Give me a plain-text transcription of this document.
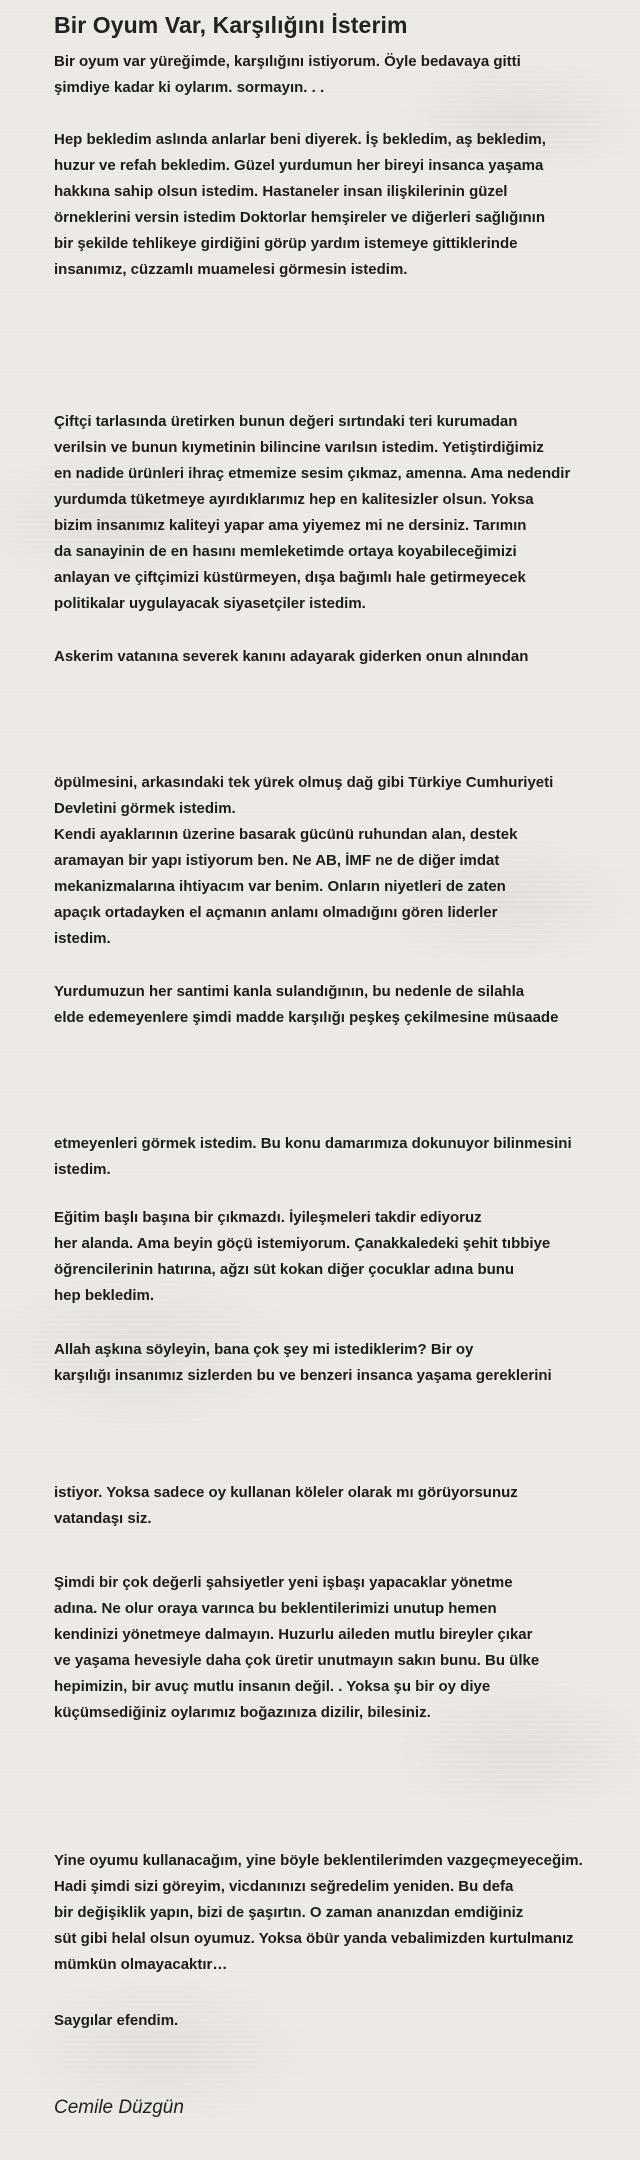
Bir Oyum Var, Karşılığını İsterim

Bir oyum var yüreğimde, karşılığını istiyorum. Öyle bedavaya gitti
şimdiye kadar ki oylarım. sormayın. . .

Hep bekledim aslında anlarlar beni diyerek. İş bekledim, aş bekledim,
huzur ve refah bekledim. Güzel yurdumun her bireyi insanca yaşama
hakkına sahip olsun istedim. Hastaneler insan ilişkilerinin güzel
örneklerini versin istedim Doktorlar hemşireler ve diğerleri sağlığının
bir şekilde tehlikeye girdiğini görüp yardım istemeye gittiklerinde
insanımız, cüzzamlı muamelesi görmesin istedim.

Çiftçi tarlasında üretirken bunun değeri sırtındaki teri kurumadan
verilsin ve bunun kıymetinin bilincine varılsın istedim. Yetiştirdiğimiz
en nadide ürünleri ihraç etmemize sesim çıkmaz, amenna. Ama nedendir
yurdumda tüketmeye ayırdıklarımız hep en kalitesizler olsun. Yoksa
bizim insanımız kaliteyi yapar ama yiyemez mi ne dersiniz. Tarımın
da sanayinin de en hasını memleketimde ortaya koyabileceğimizi
anlayan ve çiftçimizi küstürmeyen, dışa bağımlı hale getirmeyecek
politikalar uygulayacak siyasetçiler istedim.

Askerim vatanına severek kanını adayarak giderken onun alnından

öpülmesini, arkasındaki tek yürek olmuş dağ gibi Türkiye Cumhuriyeti
Devletini görmek istedim.
Kendi ayaklarının üzerine basarak gücünü ruhundan alan, destek
aramayan bir yapı istiyorum ben. Ne AB, İMF ne de diğer imdat
mekanizmalarına ihtiyacım var benim. Onların niyetleri de zaten
apaçık ortadayken el açmanın anlamı olmadığını gören liderler
istedim.

Yurdumuzun her santimi kanla sulandığının, bu nedenle de silahla
elde edemeyenlere şimdi madde karşılığı peşkeş çekilmesine müsaade

etmeyenleri görmek istedim. Bu konu damarımıza dokunuyor bilinmesini
istedim.

Eğitim başlı başına bir çıkmazdı. İyileşmeleri takdir ediyoruz
her alanda. Ama beyin göçü istemiyorum. Çanakkaledeki şehit tıbbiye
öğrencilerinin hatırına, ağzı süt kokan diğer çocuklar adına bunu
hep bekledim.

Allah aşkına söyleyin, bana çok şey mi istediklerim? Bir oy
karşılığı insanımız sizlerden bu ve benzeri insanca yaşama gereklerini

istiyor. Yoksa sadece oy kullanan köleler olarak mı görüyorsunuz
vatandaşı siz.

Şimdi bir çok değerli şahsiyetler yeni işbaşı yapacaklar yönetme
adına. Ne olur oraya varınca bu beklentilerimizi unutup hemen
kendinizi yönetmeye dalmayın. Huzurlu aileden mutlu bireyler çıkar
ve yaşama hevesiyle daha çok üretir unutmayın sakın bunu. Bu ülke
hepimizin, bir avuç mutlu insanın değil. . Yoksa şu bir oy diye
küçümsediğiniz oylarımız boğazınıza dizilir, bilesiniz.

Yine oyumu kullanacağım, yine böyle beklentilerimden vazgeçmeyeceğim.
Hadi şimdi sizi göreyim, vicdanınızı seğredelim yeniden. Bu defa
bir değişiklik yapın, bizi de şaşırtın. O zaman ananızdan emdiğiniz
süt gibi helal olsun oyumuz. Yoksa öbür yanda vebalimizden kurtulmanız
mümkün olmayacaktır…

Saygılar efendim.

Cemile Düzgün
